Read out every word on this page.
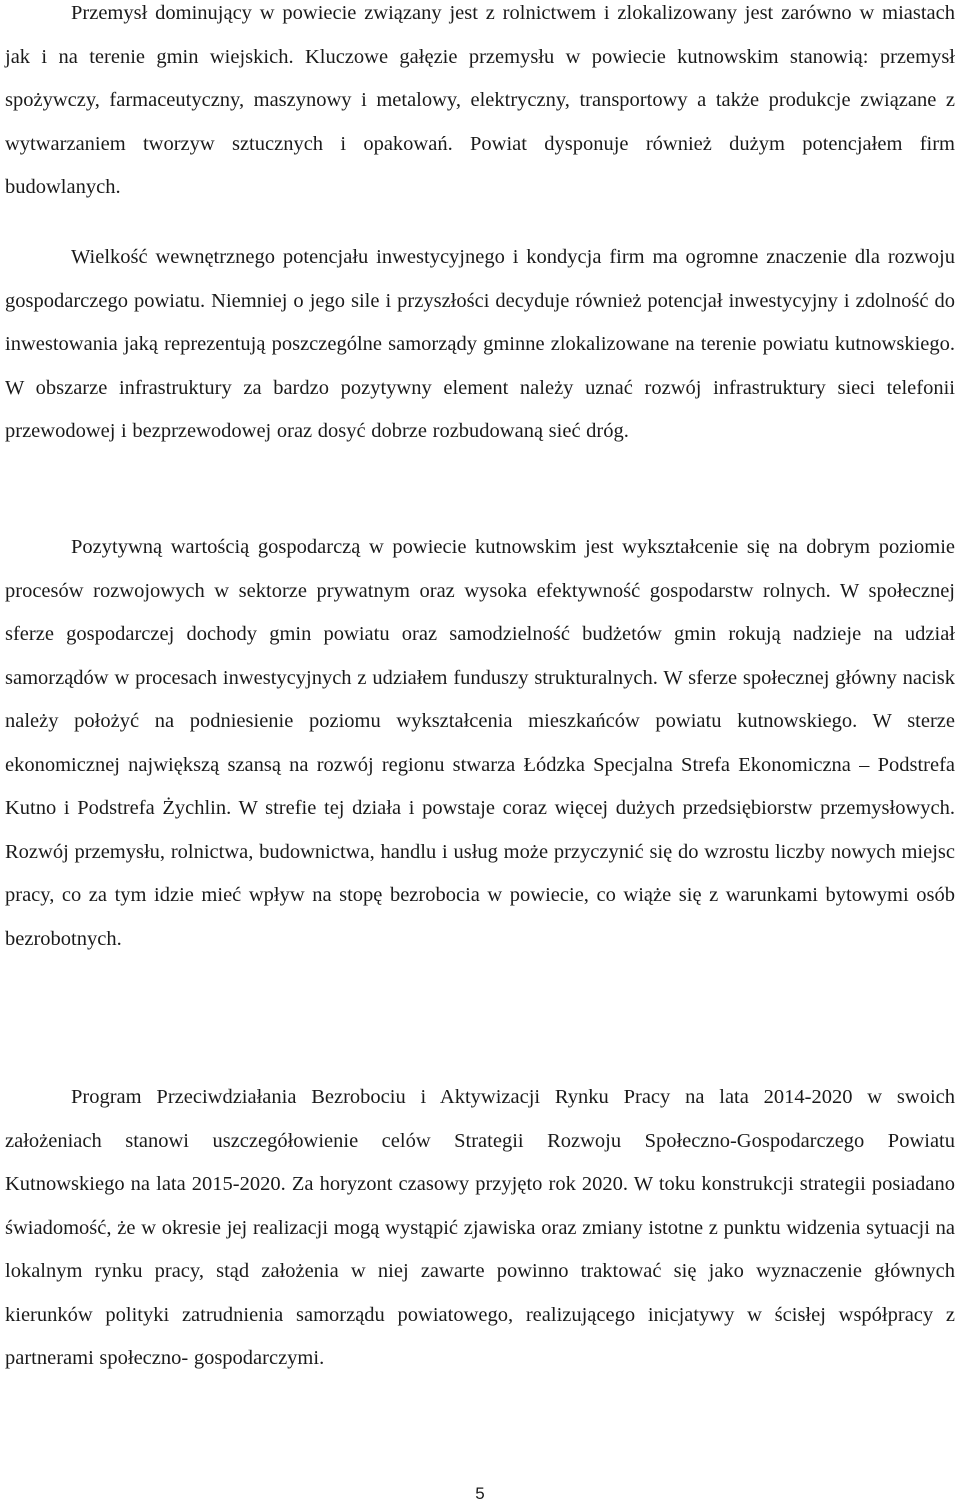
Przemysł dominujący w powiecie związany jest z rolnictwem i zlokalizowany jest zarówno w miastach jak i na terenie gmin wiejskich. Kluczowe gałęzie przemysłu w powiecie kutnowskim stanowią: przemysł spożywczy, farmaceutyczny, maszynowy i metalowy, elektryczny, transportowy a także produkcje związane z wytwarzaniem tworzyw sztucznych i opakowań. Powiat dysponuje również dużym potencjałem firm budowlanych.

Wielkość wewnętrznego potencjału inwestycyjnego i kondycja firm ma ogromne znaczenie dla rozwoju gospodarczego powiatu. Niemniej o jego sile i przyszłości decyduje również potencjał inwestycyjny i zdolność do inwestowania jaką reprezentują poszczególne samorządy gminne zlokalizowane na terenie powiatu kutnowskiego. W obszarze infrastruktury za bardzo pozytywny element należy uznać rozwój infrastruktury sieci telefonii przewodowej i bezprzewodowej oraz dosyć dobrze rozbudowaną sieć dróg.

Pozytywną wartością gospodarczą w powiecie kutnowskim jest wykształcenie się na dobrym poziomie procesów rozwojowych w sektorze prywatnym oraz wysoka efektywność gospodarstw rolnych. W społecznej sferze gospodarczej dochody gmin powiatu oraz samodzielność budżetów gmin rokują nadzieje na udział samorządów w procesach inwestycyjnych z udziałem funduszy strukturalnych. W sferze społecznej główny nacisk należy położyć na podniesienie poziomu wykształcenia mieszkańców powiatu kutnowskiego. W sterze ekonomicznej największą szansą na rozwój regionu stwarza Łódzka Specjalna Strefa Ekonomiczna – Podstrefa Kutno i Podstrefa Żychlin. W strefie tej działa i powstaje coraz więcej dużych przedsiębiorstw przemysłowych. Rozwój przemysłu, rolnictwa, budownictwa, handlu i usług może przyczynić się do wzrostu liczby nowych miejsc pracy, co za tym idzie mieć wpływ na stopę bezrobocia w powiecie, co wiąże się z warunkami bytowymi osób bezrobotnych.

Program Przeciwdziałania Bezrobociu i Aktywizacji Rynku Pracy na lata 2014-2020 w swoich założeniach stanowi uszczegółowienie celów Strategii Rozwoju Społeczno-Gospodarczego Powiatu Kutnowskiego na lata 2015-2020. Za horyzont czasowy przyjęto rok 2020. W toku konstrukcji strategii posiadano świadomość, że w okresie jej realizacji mogą wystąpić zjawiska oraz zmiany istotne z punktu widzenia sytuacji na lokalnym rynku pracy, stąd założenia w niej zawarte powinno traktować się jako wyznaczenie głównych kierunków polityki zatrudnienia samorządu powiatowego, realizującego inicjatywy w ścisłej współpracy z partnerami społeczno- gospodarczymi.

5
